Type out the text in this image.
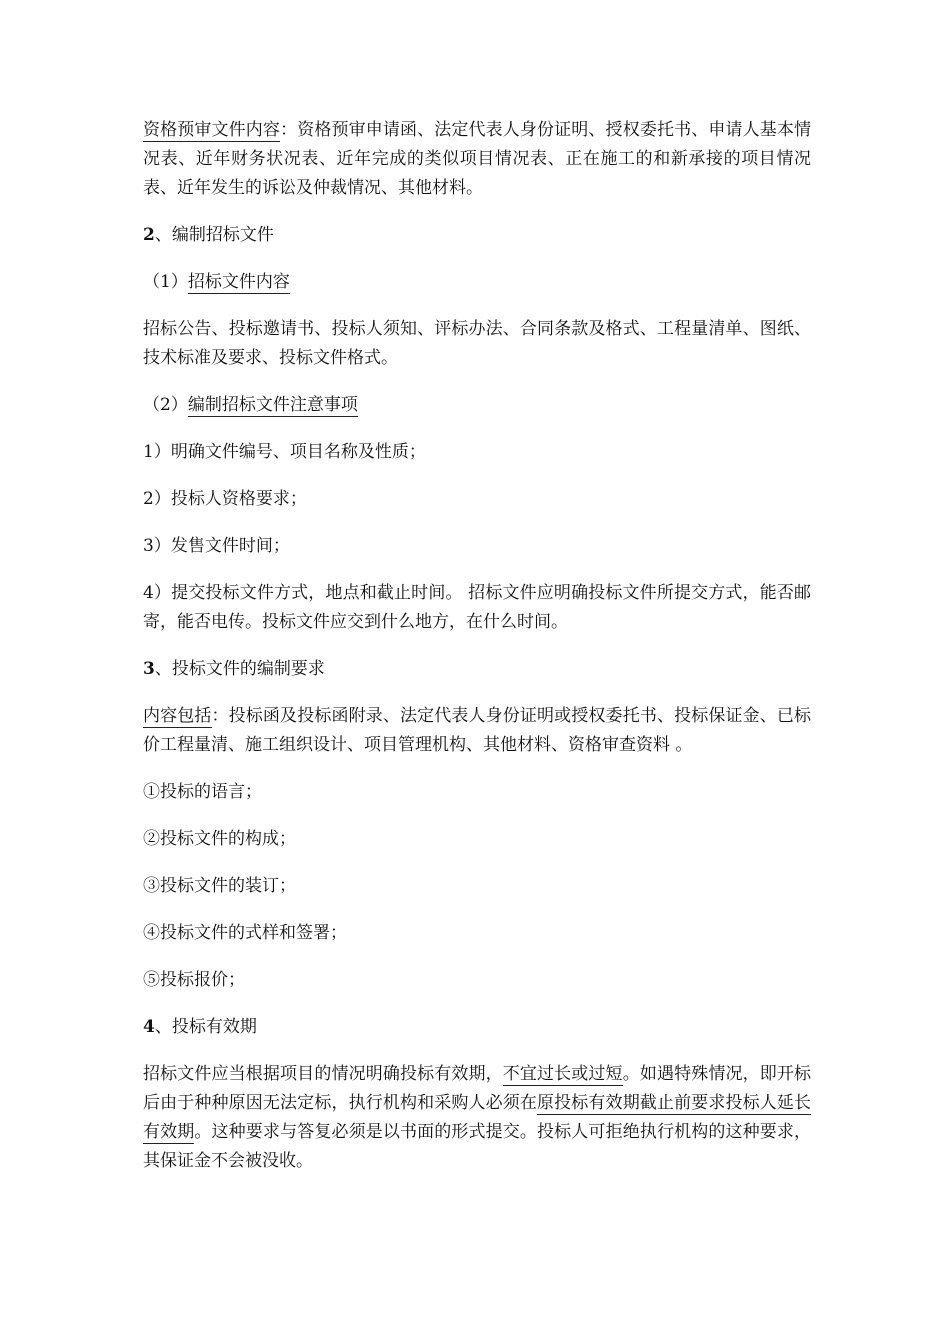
资格预审文件内容：资格预审申请函、法定代表人身份证明、授权委托书、申请人基本情况表、近年财务状况表、近年完成的类似项目情况表、正在施工的和新承接的项目情况表、近年发生的诉讼及仲裁情况、其他材料。

2、编制招标文件

（1）招标文件内容

招标公告、投标邀请书、投标人须知、评标办法、合同条款及格式、工程量清单、图纸、技术标准及要求、投标文件格式。

（2）编制招标文件注意事项

1）明确文件编号、项目名称及性质；

2）投标人资格要求；

3）发售文件时间；

4）提交投标文件方式，地点和截止时间。 招标文件应明确投标文件所提交方式，能否邮寄，能否电传。投标文件应交到什么地方，在什么时间。

3、投标文件的编制要求

内容包括：投标函及投标函附录、法定代表人身份证明或授权委托书、投标保证金、已标价工程量清、施工组织设计、项目管理机构、其他材料、资格审查资料 。

①投标的语言；

②投标文件的构成；

③投标文件的装订；

④投标文件的式样和签署；

⑤投标报价；

4、投标有效期

招标文件应当根据项目的情况明确投标有效期，不宜过长或过短。如遇特殊情况，即开标后由于种种原因无法定标，执行机构和采购人必须在原投标有效期截止前要求投标人延长有效期。这种要求与答复必须是以书面的形式提交。投标人可拒绝执行机构的这种要求，其保证金不会被没收。
